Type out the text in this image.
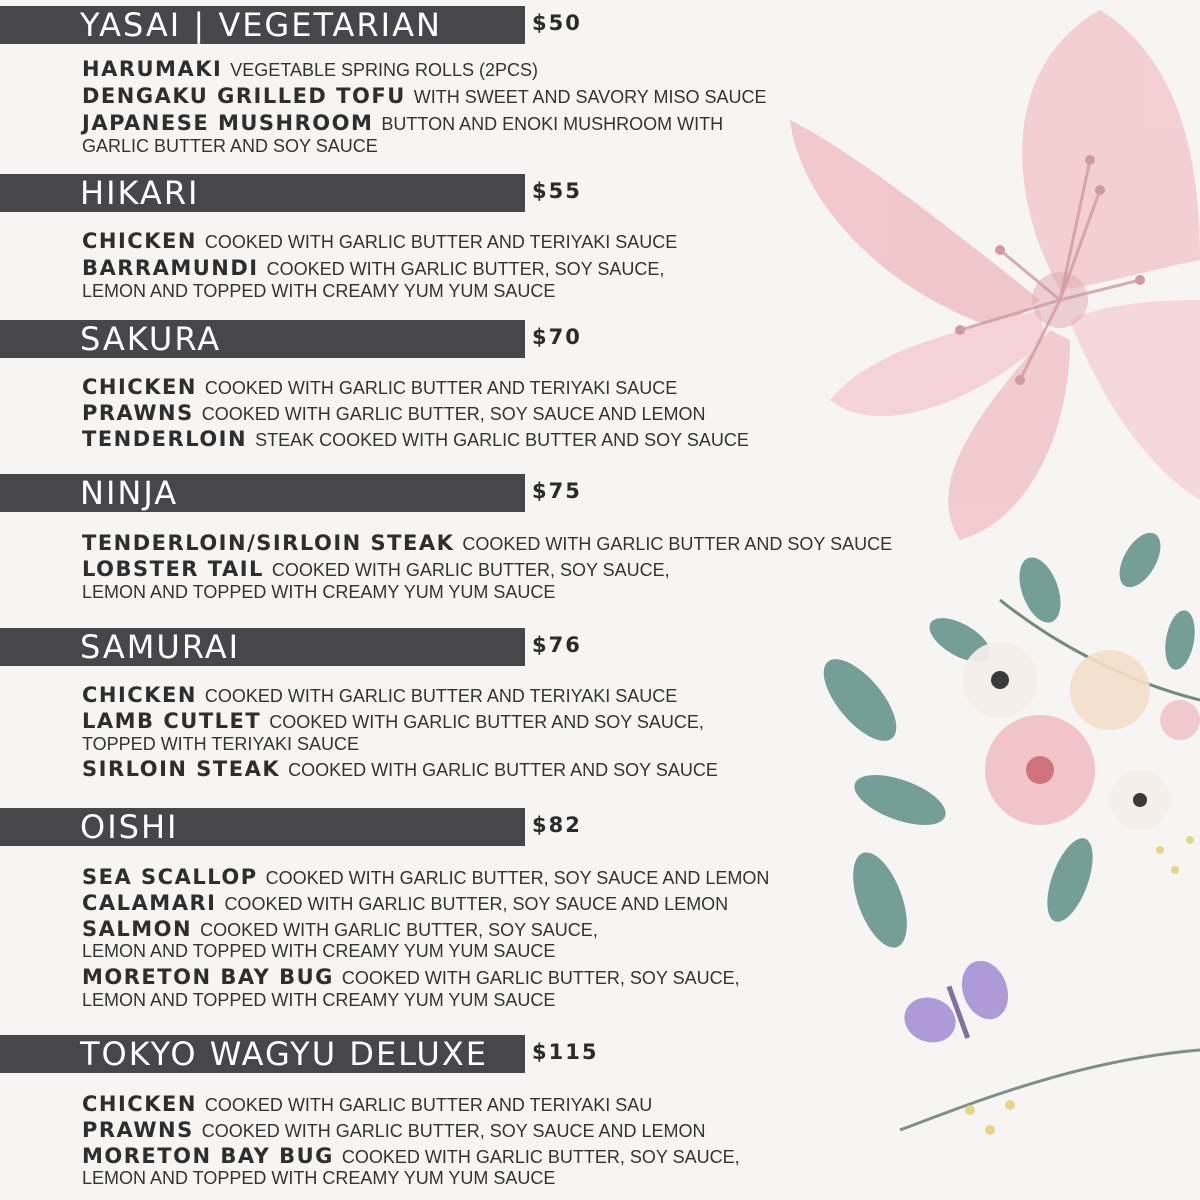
YASAI | VEGETARIAN	$50
HARUMAKI VEGETABLE SPRING ROLLS (2PCS)
DENGAKU GRILLED TOFU WITH SWEET AND SAVORY MISO SAUCE
JAPANESE MUSHROOM BUTTON AND ENOKI MUSHROOM WITH
GARLIC BUTTER AND SOY SAUCE
HIKARI	$55
CHICKEN COOKED WITH GARLIC BUTTER AND TERIYAKI SAUCE
BARRAMUNDI COOKED WITH GARLIC BUTTER, SOY SAUCE,
LEMON AND TOPPED WITH CREAMY YUM YUM SAUCE
SAKURA	$70
CHICKEN COOKED WITH GARLIC BUTTER AND TERIYAKI SAUCE
PRAWNS COOKED WITH GARLIC BUTTER, SOY SAUCE AND LEMON
TENDERLOIN STEAK COOKED WITH GARLIC BUTTER AND SOY SAUCE
NINJA	$75
TENDERLOIN/SIRLOIN STEAK COOKED WITH GARLIC BUTTER AND SOY SAUCE
LOBSTER TAIL COOKED WITH GARLIC BUTTER, SOY SAUCE,
LEMON AND TOPPED WITH CREAMY YUM YUM SAUCE
SAMURAI	$76
CHICKEN COOKED WITH GARLIC BUTTER AND TERIYAKI SAUCE
LAMB CUTLET COOKED WITH GARLIC BUTTER AND SOY SAUCE,
TOPPED WITH TERIYAKI SAUCE
SIRLOIN STEAK COOKED WITH GARLIC BUTTER AND SOY SAUCE
OISHI	$82
SEA SCALLOP COOKED WITH GARLIC BUTTER, SOY SAUCE AND LEMON
CALAMARI COOKED WITH GARLIC BUTTER, SOY SAUCE AND LEMON
SALMON COOKED WITH GARLIC BUTTER, SOY SAUCE,
LEMON AND TOPPED WITH CREAMY YUM YUM SAUCE
MORETON BAY BUG COOKED WITH GARLIC BUTTER, SOY SAUCE,
LEMON AND TOPPED WITH CREAMY YUM YUM SAUCE
TOKYO WAGYU DELUXE $115
CHICKEN COOKED WITH GARLIC BUTTER AND TERIYAKI SAU
PRAWNS COOKED WITH GARLIC BUTTER, SOY SAUCE AND LEMON
MORETON BAY BUG COOKED WITH GARLIC BUTTER, SOY SAUCE,
LEMON AND TOPPED WITH CREAMY YUM YUM SAUCE
